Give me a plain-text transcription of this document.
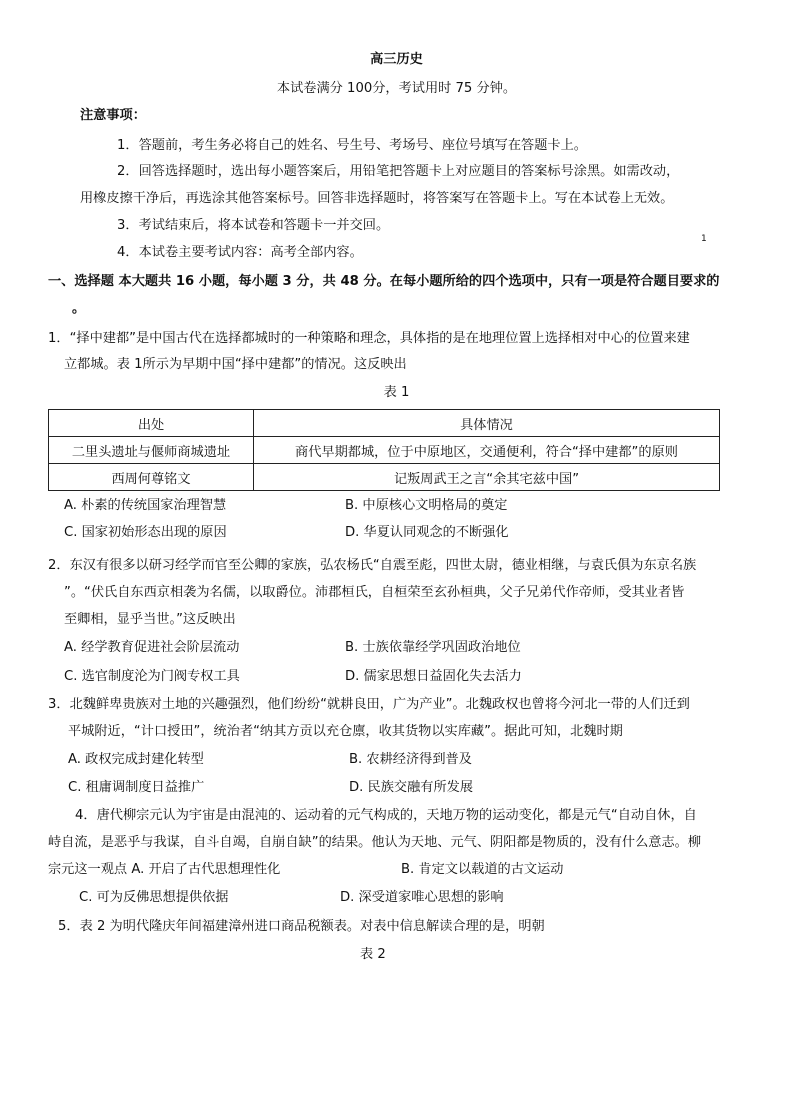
高三历史
本试卷满分 100分，考试用时 75 分钟。
注意事项：
1．答题前，考生务必将自己的姓名、号生号、考场号、座位号填写在答题卡上。
2．回答选择题时，选出每小题答案后，用铅笔把答题卡上对应题目的答案标号涂黑。如需改动，
用橡皮擦干净后，再选涂其他答案标号。回答非选择题时，将答案写在答题卡上。写在本试卷上无效。
3．考试结束后，将本试卷和答题卡一并交回。
4．本试卷主要考试内容：高考全部内容。
1
一、选择题 本大题共 16 小题，每小题 3 分，共 48 分。在每小题所给的四个选项中，只有一项是符合题目要求的
。
1．“择中建都”是中国古代在选择都城时的一种策略和理念，具体指的是在地理位置上选择相对中心的位置来建
立都城。表 1所示为早期中国“择中建都”的情况。这反映出
表 1
出处	具体情况
二里头遗址与偃师商城遗址	商代早期都城，位于中原地区，交通便利，符合“择中建都”的原则
西周何尊铭文	记叛周武王之言“余其宅兹中国”
A. 朴素的传统国家治理智慧	B. 中原核心文明格局的奠定
C. 国家初始形态出现的原因	D. 华夏认同观念的不断强化
2．东汉有很多以研习经学而官至公卿的家族，弘农杨氏“自震至彪，四世太尉，德业相继，与袁氏俱为东京名族
”。“伏氏自东西京相袭为名儒，以取爵位。沛郡桓氏，自桓荣至玄孙桓典，父子兄弟代作帝师，受其业者皆
至卿相，显乎当世。”这反映出
A. 经学教育促进社会阶层流动	B. 士族依靠经学巩固政治地位
C. 选官制度沦为门阀专权工具	D. 儒家思想日益固化失去活力
3．北魏鲜卑贵族对土地的兴趣强烈，他们纷纷“就耕良田，广为产业”。北魏政权也曾将今河北一带的人们迁到
平城附近，“计口授田”，统治者“纳其方贡以充仓廪，收其货物以实库藏”。据此可知，北魏时期
A. 政权完成封建化转型	B. 农耕经济得到普及
C. 租庸调制度日益推广	D. 民族交融有所发展
4．唐代柳宗元认为宇宙是由混沌的、运动着的元气构成的，天地万物的运动变化，都是元气“自动自休，自
峙自流，是恶乎与我谋，自斗自竭，自崩自缺”的结果。他认为天地、元气、阴阳都是物质的，没有什么意志。柳
宗元这一观点 A. 开启了古代思想理性化	B. 肯定文以载道的古文运动
C. 可为反佛思想提供依据	D. 深受道家唯心思想的影响
5．表 2 为明代隆庆年间福建漳州进口商品税额表。对表中信息解读合理的是，明朝
表 2
